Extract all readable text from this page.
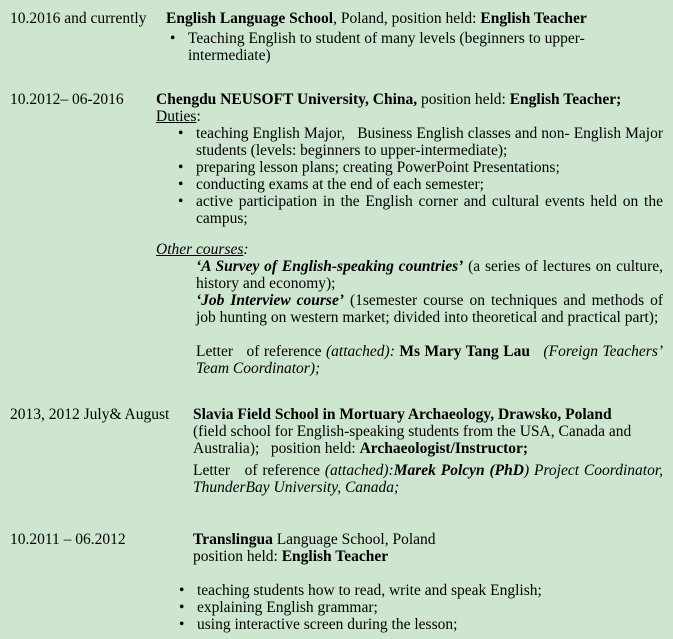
10.2016 and currently	English Language School, Poland, position held: English Teacher

• Teaching English to student of many levels (beginners to upper-intermediate)
10.2012– 06-2016	Chengdu NEUSOFT University, China, position held: English Teacher;

Duties:

• teaching English Major,   Business English classes and non- English Major students (levels: beginners to upper-intermediate);
• preparing lesson plans; creating PowerPoint Presentations;
• conducting exams at the end of each semester;
• active participation in the English corner and cultural events held on the campus;

Other courses:

‘A Survey of English-speaking countries’ (a series of lectures on culture, history and economy);

‘Job Interview course’ (1semester course on techniques and methods of job hunting on western market; divided into theoretical and practical part);

Letter   of reference (attached): Ms Mary Tang Lau   (Foreign Teachers’ Team Coordinator);

2013, 2012 July& August	Slavia Field School in Mortuary Archaeology, Drawsko, Poland

(field school for English-speaking students from the USA, Canada and Australia);   position held: Archaeologist/Instructor;

Letter   of reference (attached):Marek Polcyn (PhD) Project Coordinator, ThunderBay University, Canada;

10.2011 – 06.2012	Translingua Language School, Poland

position held: English Teacher

• teaching students how to read, write and speak English;
• explaining English grammar;
• using interactive screen during the lesson;
